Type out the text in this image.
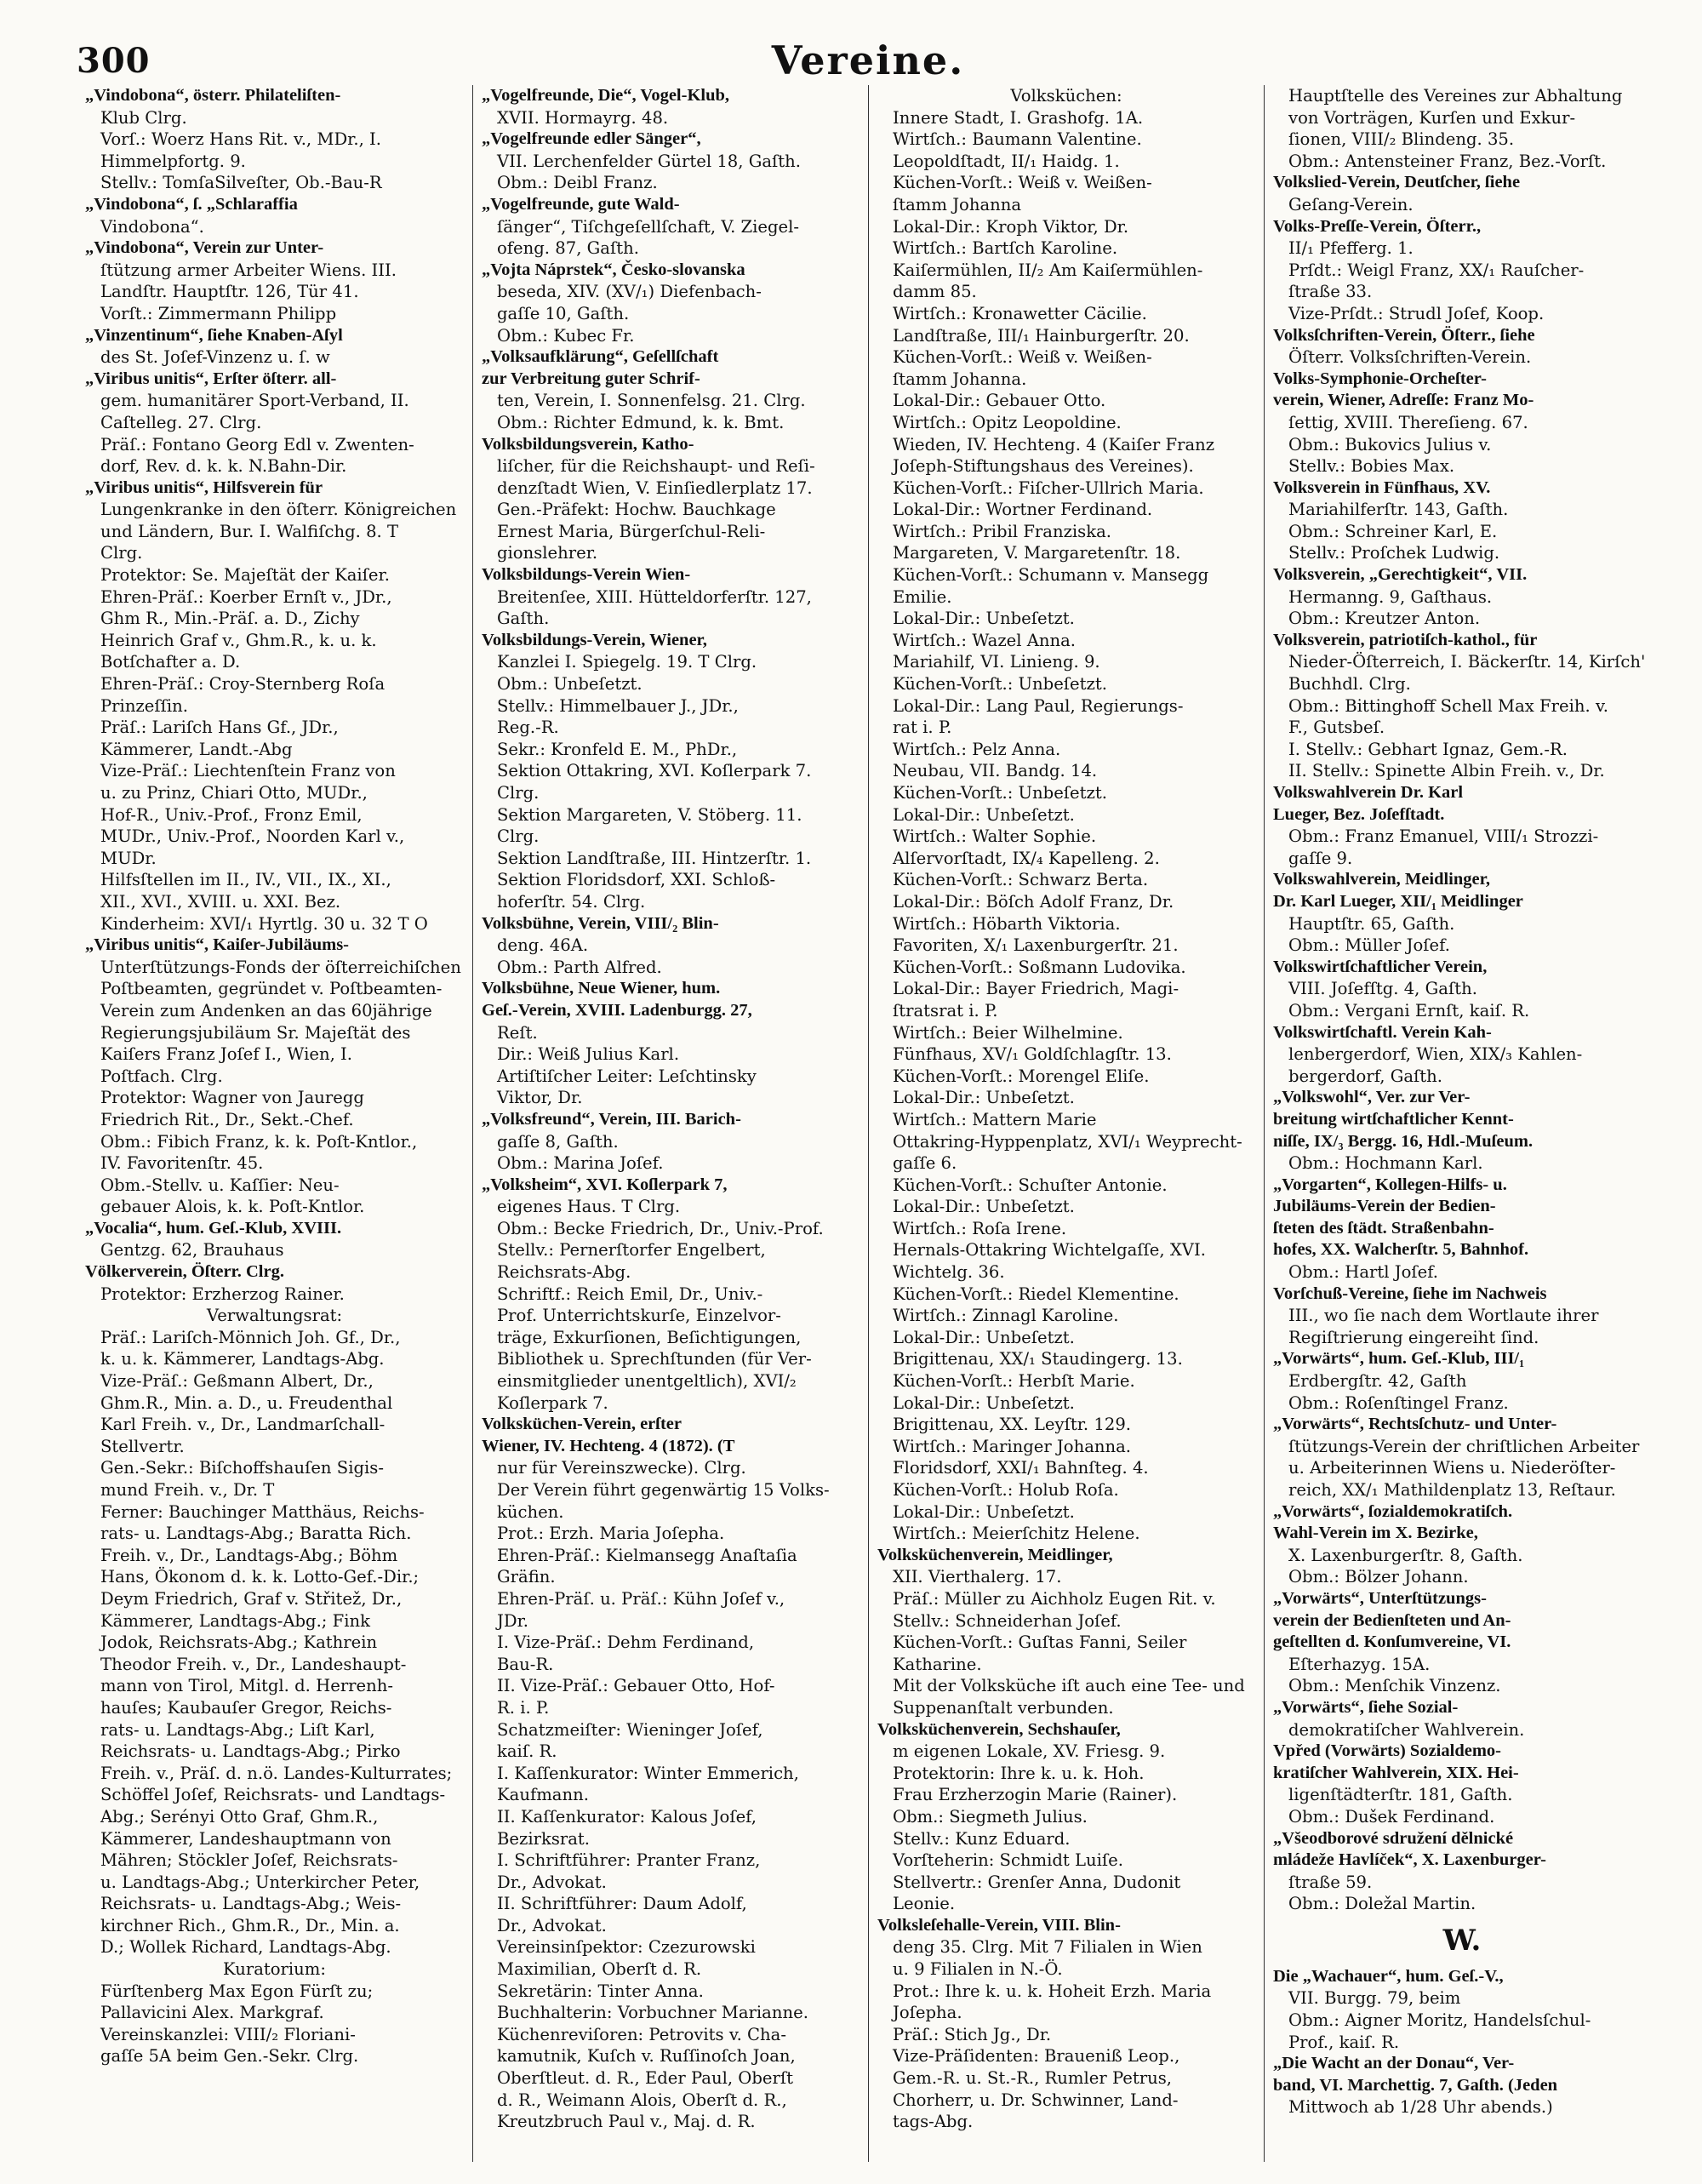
300	Vereine.
„Vindobona“, österr. Philateliſten-
Klub Clrg.
Vorſ.: Woerz Hans Rit. v., MDr., I.
Himmelpfortg. 9.
Stellv.: TomſaSilveſter, Ob.-Bau-R
„Vindobona“, ſ. „Schlaraffia
Vindobona“.
„Vindobona“, Verein zur Unter-
ſtützung armer Arbeiter Wiens. III.
Landſtr. Hauptſtr. 126, Tür 41.
Vorſt.: Zimmermann Philipp
„Vinzentinum“, ſiehe Knaben-Aſyl
des St. Joſef-Vinzenz u. ſ. w
„Viribus unitis“, Erſter öſterr. all-
gem. humanitärer Sport-Verband, II.
Caſtelleg. 27. Clrg.
Präſ.: Fontano Georg Edl v. Zwenten-
dorf, Rev. d. k. k. N.Bahn-Dir.
„Viribus unitis“, Hilfsverein für
Lungenkranke in den öſterr. Königreichen
und Ländern, Bur. I. Walfiſchg. 8. T
Clrg.
Protektor: Se. Majeſtät der Kaiſer.
Ehren-Präſ.: Koerber Ernſt v., JDr.,
Ghm R., Min.-Präſ. a. D., Zichy
Heinrich Graf v., Ghm.R., k. u. k.
Botſchafter a. D.
Ehren-Präſ.: Croy-Sternberg Roſa
Prinzeſſin.
Präſ.: Lariſch Hans Gf., JDr.,
Kämmerer, Landt.-Abg
Vize-Präſ.: Liechtenſtein Franz von
u. zu Prinz, Chiari Otto, MUDr.,
Hof-R., Univ.-Prof., Fronz Emil,
MUDr., Univ.-Prof., Noorden Karl v.,
MUDr.
Hilfsſtellen im II., IV., VII., IX., XI.,
XII., XVI., XVIII. u. XXI. Bez.
Kinderheim: XVI/₁ Hyrtlg. 30 u. 32 T O
„Viribus unitis“, Kaiſer-Jubiläums-
Unterſtützungs-Fonds der öſterreichiſchen
Poſtbeamten, gegründet v. Poſtbeamten-
Verein zum Andenken an das 60jährige
Regierungsjubiläum Sr. Majeſtät des
Kaiſers Franz Joſef I., Wien, I.
Poſtfach. Clrg.
Protektor: Wagner von Jauregg
Friedrich Rit., Dr., Sekt.-Chef.
Obm.: Fibich Franz, k. k. Poſt-Kntlor.,
IV. Favoritenſtr. 45.
Obm.-Stellv. u. Kaſſier: Neu-
gebauer Alois, k. k. Poſt-Kntlor.
„Vocalia“, hum. Geſ.-Klub, XVIII.
Gentzg. 62, Brauhaus
Völkerverein, Öſterr. Clrg.
Protektor: Erzherzog Rainer.
Verwaltungsrat:
Präſ.: Lariſch-Mönnich Joh. Gf., Dr.,
k. u. k. Kämmerer, Landtags-Abg.
Vize-Präſ.: Geßmann Albert, Dr.,
Ghm.R., Min. a. D., u. Freudenthal
Karl Freih. v., Dr., Landmarſchall-
Stellvertr.
Gen.-Sekr.: Biſchoffshauſen Sigis-
mund Freih. v., Dr. T
Ferner: Bauchinger Matthäus, Reichs-
rats- u. Landtags-Abg.; Baratta Rich.
Freih. v., Dr., Landtags-Abg.; Böhm
Hans, Ökonom d. k. k. Lotto-Gef.-Dir.;
Deym Friedrich, Graf v. Střitež, Dr.,
Kämmerer, Landtags-Abg.; Fink
Jodok, Reichsrats-Abg.; Kathrein
Theodor Freih. v., Dr., Landeshaupt-
mann von Tirol, Mitgl. d. Herrenh-
hauſes; Kaubauſer Gregor, Reichs-
rats- u. Landtags-Abg.; Liſt Karl,
Reichsrats- u. Landtags-Abg.; Pirko
Freih. v., Präſ. d. n.ö. Landes-Kulturrates;
Schöffel Joſef, Reichsrats- und Landtags-
Abg.; Serényi Otto Graf, Ghm.R.,
Kämmerer, Landeshauptmann von
Mähren; Stöckler Joſef, Reichsrats-
u. Landtags-Abg.; Unterkircher Peter,
Reichsrats- u. Landtags-Abg.; Weis-
kirchner Rich., Ghm.R., Dr., Min. a.
D.; Wollek Richard, Landtags-Abg.
Kuratorium:
Fürſtenberg Max Egon Fürſt zu;
Pallavicini Alex. Markgraf.
Vereinskanzlei: VIII/₂ Floriani-
gaſſe 5A beim Gen.-Sekr. Clrg.
„Vogelfreunde, Die“, Vogel-Klub,
XVII. Hormayrg. 48.
„Vogelfreunde edler Sänger“,
VII. Lerchenfelder Gürtel 18, Gaſth.
Obm.: Deibl Franz.
„Vogelfreunde, gute Wald-
ſänger“, Tiſchgeſellſchaft, V. Ziegel-
ofeng. 87, Gaſth.
„Vojta Náprstek“, Česko-slovanska
beseda, XIV. (XV/₁) Diefenbach-
gaſſe 10, Gaſth.
Obm.: Kubec Fr.
„Volksaufklärung“, Geſellſchaft
zur Verbreitung guter Schrif-
ten, Verein, I. Sonnenfelsg. 21. Clrg.
Obm.: Richter Edmund, k. k. Bmt.
Volksbildungsverein, Katho-
liſcher, für die Reichshaupt- und Reſi-
denzſtadt Wien, V. Einſiedlerplatz 17.
Gen.-Präfekt: Hochw. Bauchkage
Ernest Maria, Bürgerſchul-Reli-
gionslehrer.
Volksbildungs-Verein Wien-
Breitenſee, XIII. Hütteldorferſtr. 127,
Gaſth.
Volksbildungs-Verein, Wiener,
Kanzlei I. Spiegelg. 19. T Clrg.
Obm.: Unbeſetzt.
Stellv.: Himmelbauer J., JDr.,
Reg.-R.
Sekr.: Kronfeld E. M., PhDr.,
Sektion Ottakring, XVI. Koſlerpark 7.
Clrg.
Sektion Margareten, V. Stöberg. 11.
Clrg.
Sektion Landſtraße, III. Hintzerſtr. 1.
Sektion Floridsdorf, XXI. Schloß-
hoferſtr. 54. Clrg.
Volksbühne, Verein, VIII/₂ Blin-
deng. 46A.
Obm.: Parth Alfred.
Volksbühne, Neue Wiener, hum.
Geſ.-Verein, XVIII. Ladenburgg. 27,
Reſt.
Dir.: Weiß Julius Karl.
Artiſtiſcher Leiter: Leſchtinsky
Viktor, Dr.
„Volksfreund“, Verein, III. Barich-
gaſſe 8, Gaſth.
Obm.: Marina Joſef.
„Volksheim“, XVI. Koſlerpark 7,
eigenes Haus. T Clrg.
Obm.: Becke Friedrich, Dr., Univ.-Prof.
Stellv.: Pernerſtorfer Engelbert,
Reichsrats-Abg.
Schriftf.: Reich Emil, Dr., Univ.-
Prof. Unterrichtskurſe, Einzelvor-
träge, Exkurſionen, Beſichtigungen,
Bibliothek u. Sprechſtunden (für Ver-
einsmitglieder unentgeltlich), XVI/₂
Koſlerpark 7.
Volksküchen-Verein, erſter
Wiener, IV. Hechteng. 4 (1872). (T
nur für Vereinszwecke). Clrg.
Der Verein führt gegenwärtig 15 Volks-
küchen.
Prot.: Erzh. Maria Joſepha.
Ehren-Präſ.: Kielmansegg Anaſtaſia
Gräfin.
Ehren-Präſ. u. Präſ.: Kühn Joſef v.,
JDr.
I. Vize-Präſ.: Dehm Ferdinand,
Bau-R.
II. Vize-Präſ.: Gebauer Otto, Hof-
R. i. P.
Schatzmeiſter: Wieninger Joſef,
kaiſ. R.
I. Kaſſenkurator: Winter Emmerich,
Kaufmann.
II. Kaſſenkurator: Kalous Joſef,
Bezirksrat.
I. Schriftführer: Pranter Franz,
Dr., Advokat.
II. Schriftführer: Daum Adolf,
Dr., Advokat.
Vereinsinſpektor: Czezurowski
Maximilian, Oberſt d. R.
Sekretärin: Tinter Anna.
Buchhalterin: Vorbuchner Marianne.
Küchenreviſoren: Petrovits v. Cha-
kamutnik, Kuſch v. Ruſſinoſch Joan,
Oberſtleut. d. R., Eder Paul, Oberſt
d. R., Weimann Alois, Oberſt d. R.,
Kreutzbruch Paul v., Maj. d. R.
Volksküchen:
Innere Stadt, I. Grashofg. 1A.
Wirtſch.: Baumann Valentine.
Leopoldſtadt, II/₁ Haidg. 1.
Küchen-Vorſt.: Weiß v. Weißen-
ſtamm Johanna
Lokal-Dir.: Kroph Viktor, Dr.
Wirtſch.: Bartſch Karoline.
Kaiſermühlen, II/₂ Am Kaiſermühlen-
damm 85.
Wirtſch.: Kronawetter Cäcilie.
Landſtraße, III/₁ Hainburgerſtr. 20.
Küchen-Vorſt.: Weiß v. Weißen-
ſtamm Johanna.
Lokal-Dir.: Gebauer Otto.
Wirtſch.: Opitz Leopoldine.
Wieden, IV. Hechteng. 4 (Kaiſer Franz
Joſeph-Stiftungshaus des Vereines).
Küchen-Vorſt.: Fiſcher-Ullrich Maria.
Lokal-Dir.: Wortner Ferdinand.
Wirtſch.: Pribil Franziska.
Margareten, V. Margaretenſtr. 18.
Küchen-Vorſt.: Schumann v. Mansegg
Emilie.
Lokal-Dir.: Unbeſetzt.
Wirtſch.: Wazel Anna.
Mariahilf, VI. Linieng. 9.
Küchen-Vorſt.: Unbeſetzt.
Lokal-Dir.: Lang Paul, Regierungs-
rat i. P.
Wirtſch.: Pelz Anna.
Neubau, VII. Bandg. 14.
Küchen-Vorſt.: Unbeſetzt.
Lokal-Dir.: Unbeſetzt.
Wirtſch.: Walter Sophie.
Alſervorſtadt, IX/₄ Kapelleng. 2.
Küchen-Vorſt.: Schwarz Berta.
Lokal-Dir.: Böſch Adolf Franz, Dr.
Wirtſch.: Höbarth Viktoria.
Favoriten, X/₁ Laxenburgerſtr. 21.
Küchen-Vorſt.: Soßmann Ludovika.
Lokal-Dir.: Bayer Friedrich, Magi-
ſtratsrat i. P.
Wirtſch.: Beier Wilhelmine.
Fünfhaus, XV/₁ Goldſchlagſtr. 13.
Küchen-Vorſt.: Morengel Eliſe.
Lokal-Dir.: Unbeſetzt.
Wirtſch.: Mattern Marie
Ottakring-Hyppenplatz, XVI/₁ Weyprecht-
gaſſe 6.
Küchen-Vorſt.: Schuſter Antonie.
Lokal-Dir.: Unbeſetzt.
Wirtſch.: Roſa Irene.
Hernals-Ottakring Wichtelgaſſe, XVI.
Wichtelg. 36.
Küchen-Vorſt.: Riedel Klementine.
Wirtſch.: Zinnagl Karoline.
Lokal-Dir.: Unbeſetzt.
Brigittenau, XX/₁ Staudingerg. 13.
Küchen-Vorſt.: Herbſt Marie.
Lokal-Dir.: Unbeſetzt.
Brigittenau, XX. Leyſtr. 129.
Wirtſch.: Maringer Johanna.
Floridsdorf, XXI/₁ Bahnſteg. 4.
Küchen-Vorſt.: Holub Roſa.
Lokal-Dir.: Unbeſetzt.
Wirtſch.: Meierſchitz Helene.
Volksküchenverein, Meidlinger,
XII. Vierthalerg. 17.
Präſ.: Müller zu Aichholz Eugen Rit. v.
Stellv.: Schneiderhan Joſef.
Küchen-Vorſt.: Guſtas Fanni, Seiler
Katharine.
Mit der Volksküche iſt auch eine Tee- und
Suppenanſtalt verbunden.
Volksküchenverein, Sechshauſer,
m eigenen Lokale, XV. Friesg. 9.
Protektorin: Ihre k. u. k. Hoh.
Frau Erzherzogin Marie (Rainer).
Obm.: Siegmeth Julius.
Stellv.: Kunz Eduard.
Vorſteherin: Schmidt Luiſe.
Stellvertr.: Grenſer Anna, Dudonit
Leonie.
Volksleſehalle-Verein, VIII. Blin-
deng 35. Clrg. Mit 7 Filialen in Wien
u. 9 Filialen in N.-Ö.
Prot.: Ihre k. u. k. Hoheit Erzh. Maria
Joſepha.
Präſ.: Stich Jg., Dr.
Vize-Präſidenten: Braueniß Leop.,
Gem.-R. u. St.-R., Rumler Petrus,
Chorherr, u. Dr. Schwinner, Land-
tags-Abg.
Hauptſtelle des Vereines zur Abhaltung
von Vorträgen, Kurſen und Exkur-
ſionen, VIII/₂ Blindeng. 35.
Obm.: Antensteiner Franz, Bez.-Vorſt.
Volkslied-Verein, Deutſcher, ſiehe
Geſang-Verein.
Volks-Preſſe-Verein, Öſterr.,
II/₁ Pfefferg. 1.
Prſdt.: Weigl Franz, XX/₁ Rauſcher-
ſtraße 33.
Vize-Prſdt.: Strudl Joſef, Koop.
Volksſchriften-Verein, Öſterr., ſiehe
Öſterr. Volksſchriften-Verein.
Volks-Symphonie-Orcheſter-
verein, Wiener, Adreſſe: Franz Mo-
ſettig, XVIII. Thereſieng. 67.
Obm.: Bukovics Julius v.
Stellv.: Bobies Max.
Volksverein in Fünfhaus, XV.
Mariahilferſtr. 143, Gaſth.
Obm.: Schreiner Karl, E.
Stellv.: Proſchek Ludwig.
Volksverein, „Gerechtigkeit“, VII.
Hermanng. 9, Gaſthaus.
Obm.: Kreutzer Anton.
Volksverein, patriotiſch-kathol., für
Nieder-Öſterreich, I. Bäckerſtr. 14, Kirſch'
Buchhdl. Clrg.
Obm.: Bittinghoff Schell Max Freih. v.
F., Gutsbeſ.
I. Stellv.: Gebhart Ignaz, Gem.-R.
II. Stellv.: Spinette Albin Freih. v., Dr.
Volkswahlverein Dr. Karl
Lueger, Bez. Joſefſtadt.
Obm.: Franz Emanuel, VIII/₁ Strozzi-
gaſſe 9.
Volkswahlverein, Meidlinger,
Dr. Karl Lueger, XII/₁ Meidlinger
Hauptſtr. 65, Gaſth.
Obm.: Müller Joſef.
Volkswirtſchaftlicher Verein,
VIII. Joſefſtg. 4, Gaſth.
Obm.: Vergani Ernſt, kaiſ. R.
Volkswirtſchaftl. Verein Kah-
lenbergerdorf, Wien, XIX/₃ Kahlen-
bergerdorf, Gaſth.
„Volkswohl“, Ver. zur Ver-
breitung wirtſchaftlicher Kennt-
niſſe, IX/₃ Bergg. 16, Hdl.-Muſeum.
Obm.: Hochmann Karl.
„Vorgarten“, Kollegen-Hilfs- u.
Jubiläums-Verein der Bedien-
ſteten des ſtädt. Straßenbahn-
hofes, XX. Walcherſtr. 5, Bahnhof.
Obm.: Hartl Joſef.
Vorſchuß-Vereine, ſiehe im Nachweis
III., wo ſie nach dem Wortlaute ihrer
Regiſtrierung eingereiht ſind.
„Vorwärts“, hum. Geſ.-Klub, III/₁
Erdbergſtr. 42, Gaſth
Obm.: Roſenſtingel Franz.
„Vorwärts“, Rechtsſchutz- und Unter-
ſtützungs-Verein der chriſtlichen Arbeiter
u. Arbeiterinnen Wiens u. Niederöſter-
reich, XX/₁ Mathildenplatz 13, Reſtaur.
„Vorwärts“, ſozialdemokratiſch.
Wahl-Verein im X. Bezirke,
X. Laxenburgerſtr. 8, Gaſth.
Obm.: Bölzer Johann.
„Vorwärts“, Unterſtützungs-
verein der Bedienſteten und An-
geſtellten d. Konſumvereine, VI.
Eſterhazyg. 15A.
Obm.: Menſchik Vinzenz.
„Vorwärts“, ſiehe Sozial-
demokratiſcher Wahlverein.
Vpřed (Vorwärts) Sozialdemo-
kratiſcher Wahlverein, XIX. Hei-
ligenſtädterſtr. 181, Gaſth.
Obm.: Dušek Ferdinand.
„Všeodborové sdružení dělnické
mládeže Havlíček“, X. Laxenburger-
ſtraße 59.
Obm.: Doležal Martin.
W.
Die „Wachauer“, hum. Geſ.-V.,
VII. Burgg. 79, beim
Obm.: Aigner Moritz, Handelsſchul-
Prof., kaiſ. R.
„Die Wacht an der Donau“, Ver-
band, VI. Marchettig. 7, Gaſth. (Jeden
Mittwoch ab 1/28 Uhr abends.)
